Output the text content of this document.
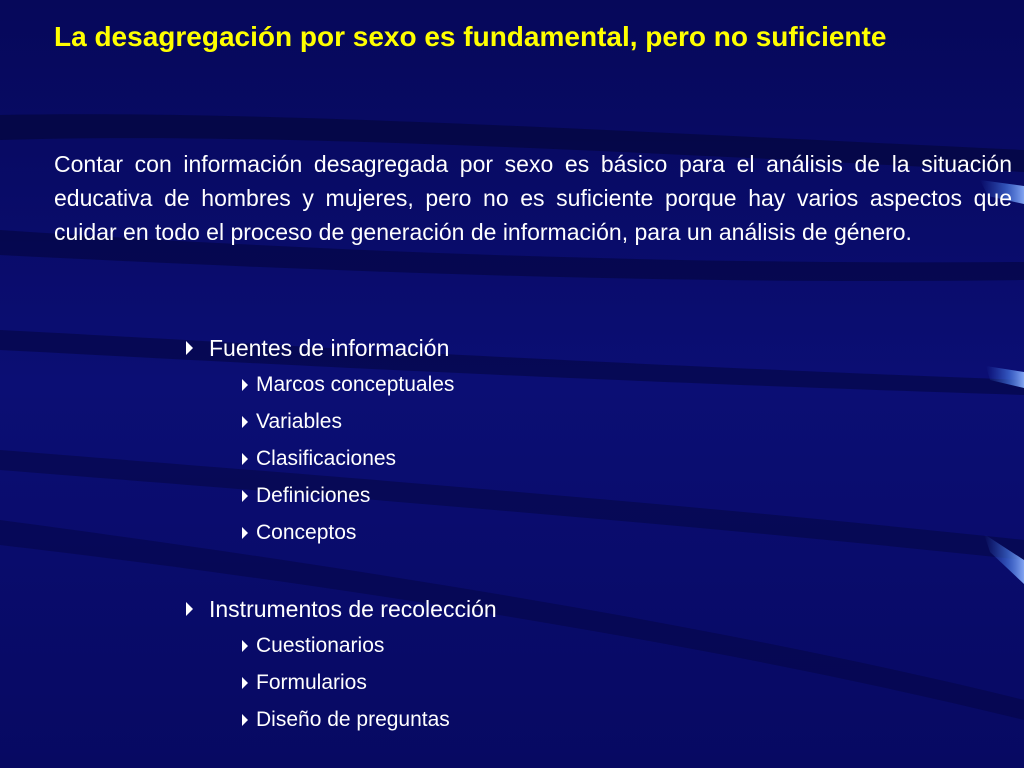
La desagregación por sexo es fundamental, pero no suficiente

Contar con información desagregada por sexo es básico para el análisis de la situación educativa de hombres y mujeres, pero no es suficiente porque hay varios aspectos que cuidar en todo el proceso de generación de información, para un análisis de género.

Fuentes de información
Marcos conceptuales
Variables
Clasificaciones
Definiciones
Conceptos
Instrumentos de recolección
Cuestionarios
Formularios
Diseño de preguntas
